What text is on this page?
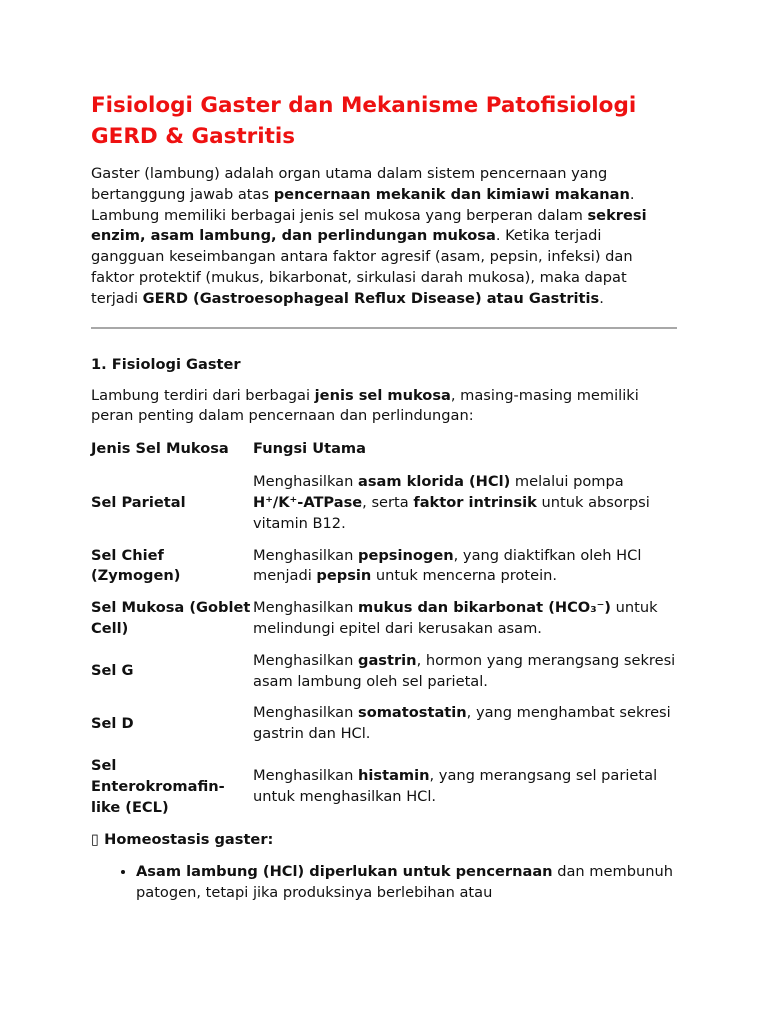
Fisiologi Gaster dan Mekanisme Patofisiologi GERD & Gastritis

Gaster (lambung) adalah organ utama dalam sistem pencernaan yang bertanggung jawab atas pencernaan mekanik dan kimiawi makanan. Lambung memiliki berbagai jenis sel mukosa yang berperan dalam sekresi enzim, asam lambung, dan perlindungan mukosa. Ketika terjadi gangguan keseimbangan antara faktor agresif (asam, pepsin, infeksi) dan faktor protektif (mukus, bikarbonat, sirkulasi darah mukosa), maka dapat terjadi GERD (Gastroesophageal Reflux Disease) atau Gastritis.

1. Fisiologi Gaster

Lambung terdiri dari berbagai jenis sel mukosa, masing-masing memiliki peran penting dalam pencernaan dan perlindungan:

Jenis Sel Mukosa	Fungsi Utama

Sel Parietal	Menghasilkan asam klorida (HCl) melalui pompa H⁺/K⁺-ATPase, serta faktor intrinsik untuk absorpsi vitamin B12.

Sel Chief (Zymogen)	Menghasilkan pepsinogen, yang diaktifkan oleh HCl menjadi pepsin untuk mencerna protein.

Sel Mukosa (Goblet Cell)	Menghasilkan mukus dan bikarbonat (HCO₃⁻) untuk melindungi epitel dari kerusakan asam.

Sel G	Menghasilkan gastrin, hormon yang merangsang sekresi asam lambung oleh sel parietal.

Sel D	Menghasilkan somatostatin, yang menghambat sekresi gastrin dan HCl.

Sel Enterokromafin-like (ECL)	Menghasilkan histamin, yang merangsang sel parietal untuk menghasilkan HCl.
▯ Homeostasis gaster:
• Asam lambung (HCl) diperlukan untuk pencernaan dan membunuh patogen, tetapi jika produksinya berlebihan atau
